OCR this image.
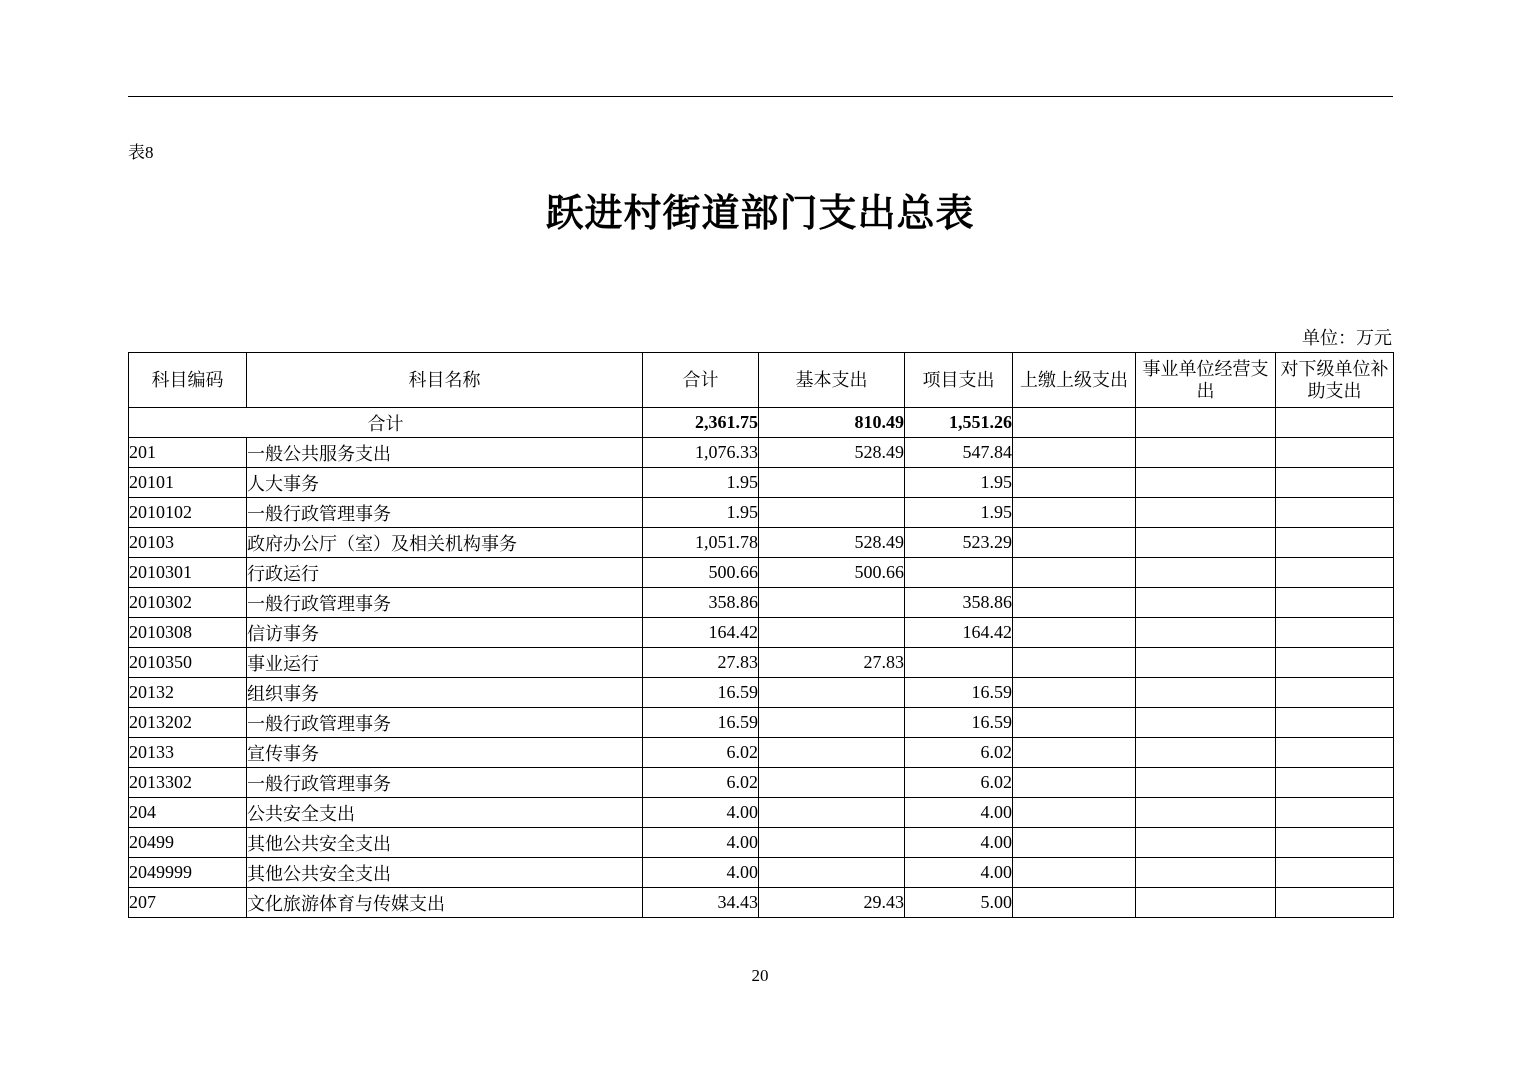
表8
跃进村街道部门支出总表
单位：万元
科目编码	科目名称	合计	基本支出	项目支出	上缴上级支出	事业单位经营支出	对下级单位补助支出
合计		2,361.75	810.49	1,551.26			
201	一般公共服务支出	1,076.33	528.49	547.84			
20101	人大事务	1.95		1.95			
2010102	一般行政管理事务	1.95		1.95			
20103	政府办公厅（室）及相关机构事务	1,051.78	528.49	523.29			
2010301	行政运行	500.66	500.66				
2010302	一般行政管理事务	358.86		358.86			
2010308	信访事务	164.42		164.42			
2010350	事业运行	27.83	27.83				
20132	组织事务	16.59		16.59			
2013202	一般行政管理事务	16.59		16.59			
20133	宣传事务	6.02		6.02			
2013302	一般行政管理事务	6.02		6.02			
204	公共安全支出	4.00		4.00			
20499	其他公共安全支出	4.00		4.00			
2049999	其他公共安全支出	4.00		4.00			
207	文化旅游体育与传媒支出	34.43	29.43	5.00			
20
